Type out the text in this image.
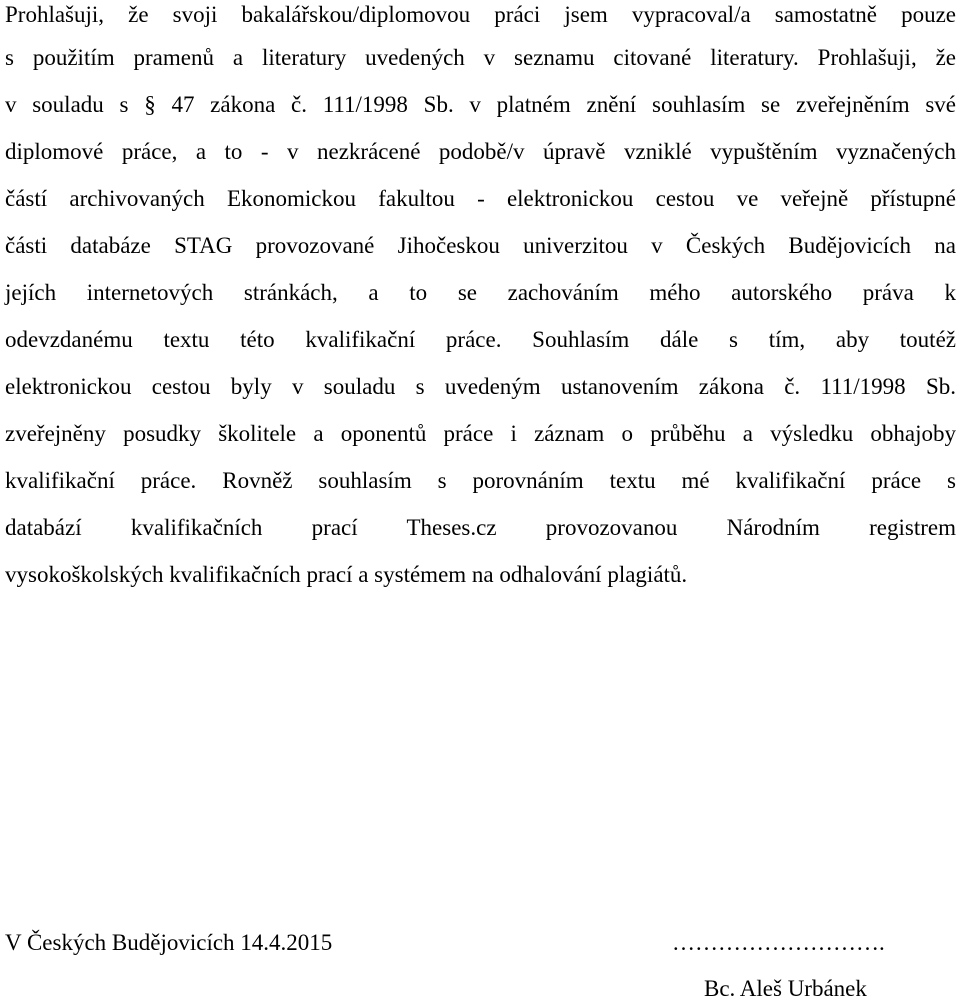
Prohlašuji, že svoji bakalářskou/diplomovou práci jsem vypracoval/a samostatně pouze
s použitím pramenů a literatury uvedených v seznamu citované literatury. Prohlašuji, že
v souladu s § 47 zákona č. 111/1998 Sb. v platném znění souhlasím se zveřejněním své
diplomové práce, a to - v nezkrácené podobě/v úpravě vzniklé vypuštěním vyznačených
částí archivovaných Ekonomickou fakultou - elektronickou cestou ve veřejně přístupné
části databáze STAG provozované Jihočeskou univerzitou v Českých Budějovicích na
jejích internetových stránkách, a to se zachováním mého autorského práva k
odevzdanému textu této kvalifikační práce. Souhlasím dále s tím, aby toutéž
elektronickou cestou byly v souladu s uvedeným ustanovením zákona č. 111/1998 Sb.
zveřejněny posudky školitele a oponentů práce i záznam o průběhu a výsledku obhajoby
kvalifikační práce. Rovněž souhlasím s porovnáním textu mé kvalifikační práce s
databází kvalifikačních prací Theses.cz provozovanou Národním registrem
vysokoškolských kvalifikačních prací a systémem na odhalování plagiátů.
V Českých Budějovicích 14.4.2015	……………………….
Bc. Aleš Urbánek
